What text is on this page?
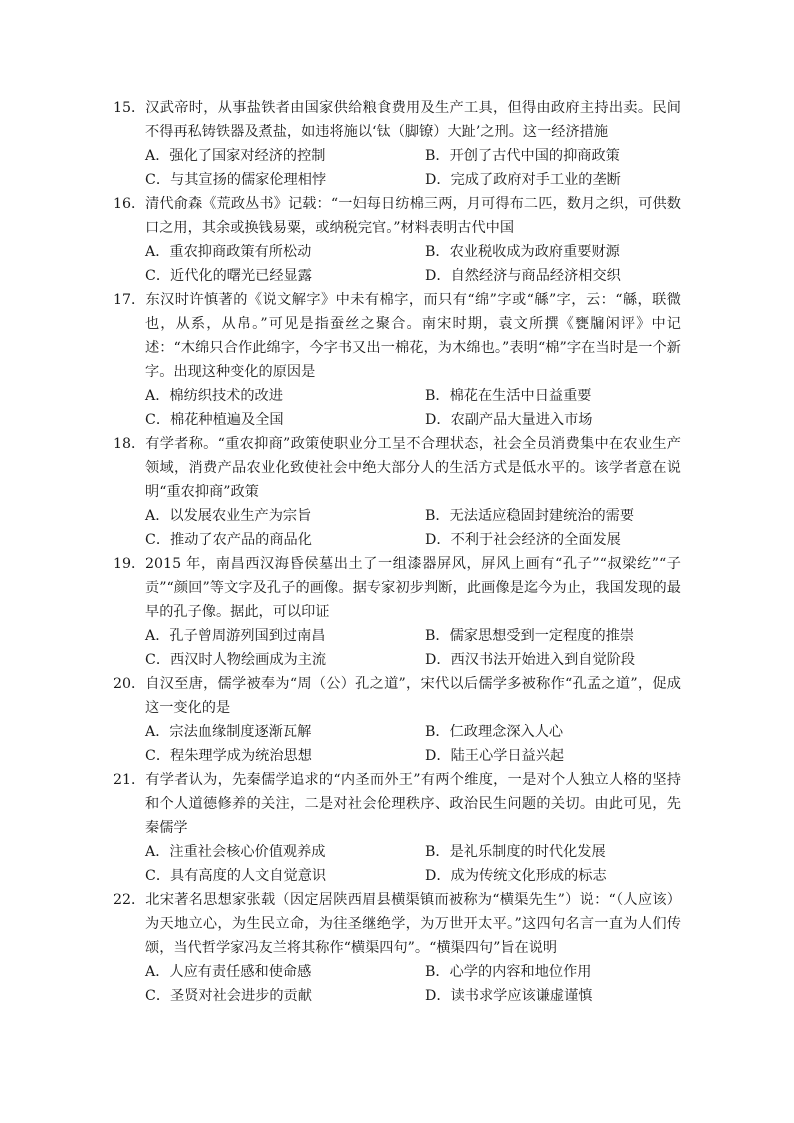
15．汉武帝时，从事盐铁者由国家供给粮食费用及生产工具，但得由政府主持出卖。民间不得再私铸铁器及煮盐，如违将施以‘钛（脚镣）大趾’之刑。这一经济措施
A．强化了国家对经济的控制	B．开创了古代中国的抑商政策
C．与其宣扬的儒家伦理相悖	D．完成了政府对手工业的垄断
16．清代俞森《荒政丛书》记载：“一妇每日纺棉三两，月可得布二匹，数月之织，可供数口之用，其余或换钱易粟，或纳税完官。”材料表明古代中国
A．重农抑商政策有所松动	B．农业税收成为政府重要财源
C．近代化的曙光已经显露	D．自然经济与商品经济相交织
17．东汉时许慎著的《说文解字》中未有棉字，而只有“绵”字或“緜”字，云：“緜，联微也，从系，从帛。”可见是指蚕丝之聚合。南宋时期，袁文所撰《甕牖闲评》中记述：“木绵只合作此绵字，今字书又出一棉花，为木绵也。”表明“棉”字在当时是一个新字。出现这种变化的原因是
A．棉纺织技术的改进	B．棉花在生活中日益重要
C．棉花种植遍及全国	D．农副产品大量进入市场
18．有学者称。“重农抑商”政策使职业分工呈不合理状态，社会全员消费集中在农业生产领域，消费产品农业化致使社会中绝大部分人的生活方式是低水平的。该学者意在说明“重农抑商”政策
A．以发展农业生产为宗旨	B．无法适应稳固封建统治的需要
C．推动了农产品的商品化	D．不利于社会经济的全面发展
19．2015 年，南昌西汉海昏侯墓出土了一组漆器屏风，屏风上画有“孔子”“叔梁纥”“子贡”“颜回”等文字及孔子的画像。据专家初步判断，此画像是迄今为止，我国发现的最早的孔子像。据此，可以印证
A．孔子曾周游列国到过南昌	B．儒家思想受到一定程度的推崇
C．西汉时人物绘画成为主流	D．西汉书法开始进入到自觉阶段
20．自汉至唐，儒学被奉为“周（公）孔之道”，宋代以后儒学多被称作“孔孟之道”，促成这一变化的是
A．宗法血缘制度逐渐瓦解	B．仁政理念深入人心
C．程朱理学成为统治思想	D．陆王心学日益兴起
21．有学者认为，先秦儒学追求的“内圣而外王”有两个维度，一是对个人独立人格的坚持和个人道德修养的关注，二是对社会伦理秩序、政治民生问题的关切。由此可见，先秦儒学
A．注重社会核心价值观养成	B．是礼乐制度的时代化发展
C．具有高度的人文自觉意识	D．成为传统文化形成的标志
22．北宋著名思想家张载（因定居陕西眉县横渠镇而被称为“横渠先生”）说：“（人应该）为天地立心，为生民立命，为往圣继绝学，为万世开太平。”这四句名言一直为人们传颂，当代哲学家冯友兰将其称作“横渠四句”。“横渠四句”旨在说明
A．人应有责任感和使命感	B．心学的内容和地位作用
C．圣贤对社会进步的贡献	D．读书求学应该谦虚谨慎
